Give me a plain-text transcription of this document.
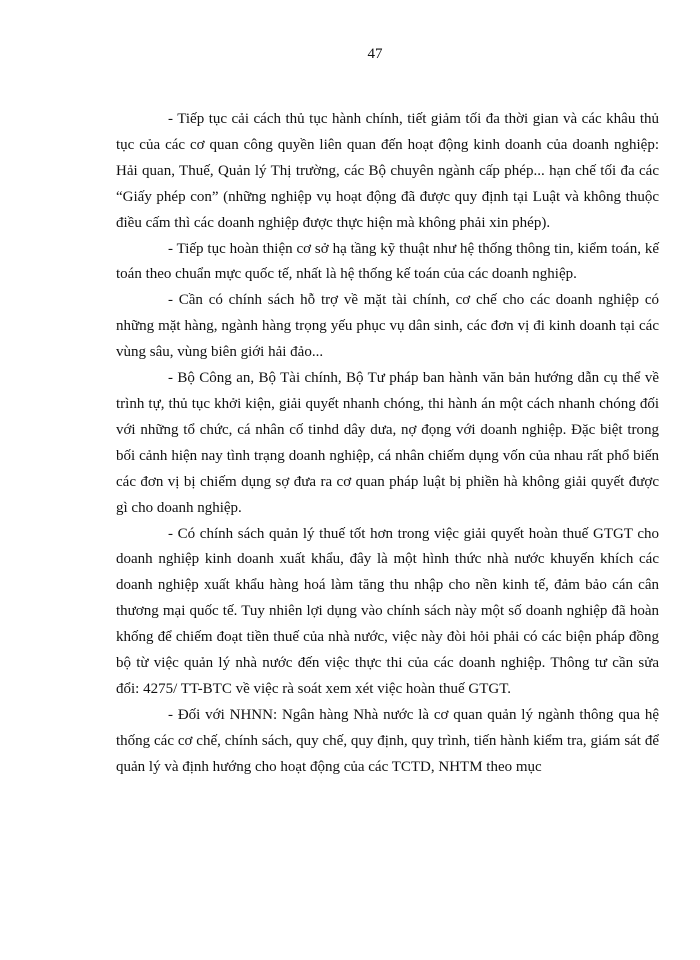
47

- Tiếp tục cải cách thủ tục hành chính, tiết giảm tối đa thời gian và các khâu thủ tục của các cơ quan công quyền liên quan đến hoạt động kinh doanh của doanh nghiệp: Hải quan, Thuế, Quản lý Thị trường, các Bộ chuyên ngành cấp phép... hạn chế tối đa các “Giấy phép con” (những nghiệp vụ hoạt động đã được quy định tại Luật và không thuộc điều cấm thì các doanh nghiệp được thực hiện mà không phải xin phép).

- Tiếp tục hoàn thiện cơ sở hạ tầng kỹ thuật như hệ thống thông tin, kiểm toán, kế toán theo chuẩn mực quốc tế, nhất là hệ thống kế toán của các doanh nghiệp.

- Cần có chính sách hỗ trợ về mặt tài chính, cơ chế cho các doanh nghiệp có những mặt hàng, ngành hàng trọng yếu phục vụ dân sinh, các đơn vị đi kinh doanh tại các vùng sâu, vùng biên giới hải đảo...

- Bộ Công an, Bộ Tài chính, Bộ Tư pháp ban hành văn bản hướng dẫn cụ thể về trình tự, thủ tục khởi kiện, giải quyết nhanh chóng, thi hành án một cách nhanh chóng đối với những tổ chức, cá nhân cố tinhd dây dưa, nợ đọng với doanh nghiệp. Đặc biệt trong bối cảnh hiện nay tình trạng doanh nghiệp, cá nhân chiếm dụng vốn của nhau rất phổ biến các đơn vị bị chiếm dụng sợ đưa ra cơ quan pháp luật bị phiền hà không giải quyết được gì cho doanh nghiệp.

- Có chính sách quản lý thuế tốt hơn trong việc giải quyết hoàn thuế GTGT cho doanh nghiệp kinh doanh xuất khẩu, đây là một hình thức nhà nước khuyến khích các doanh nghiệp xuất khẩu hàng hoá làm tăng thu nhập cho nền kinh tế, đảm bảo cán cân thương mại quốc tế. Tuy nhiên lợi dụng vào chính sách này một số doanh nghiệp đã hoàn khống để chiếm đoạt tiền thuế của nhà nước, việc này đòi hỏi phải có các biện pháp đồng bộ từ việc quản lý nhà nước đến việc thực thi của các doanh nghiệp. Thông tư cần sửa đổi: 4275/ TT-BTC về việc rà soát xem xét việc hoàn thuế GTGT.

- Đối với NHNN: Ngân hàng Nhà nước là cơ quan quản lý ngành thông qua hệ thống các cơ chế, chính sách, quy chế, quy định, quy trình, tiến hành kiểm tra, giám sát để quản lý và định hướng cho hoạt động của các TCTD, NHTM theo mục
